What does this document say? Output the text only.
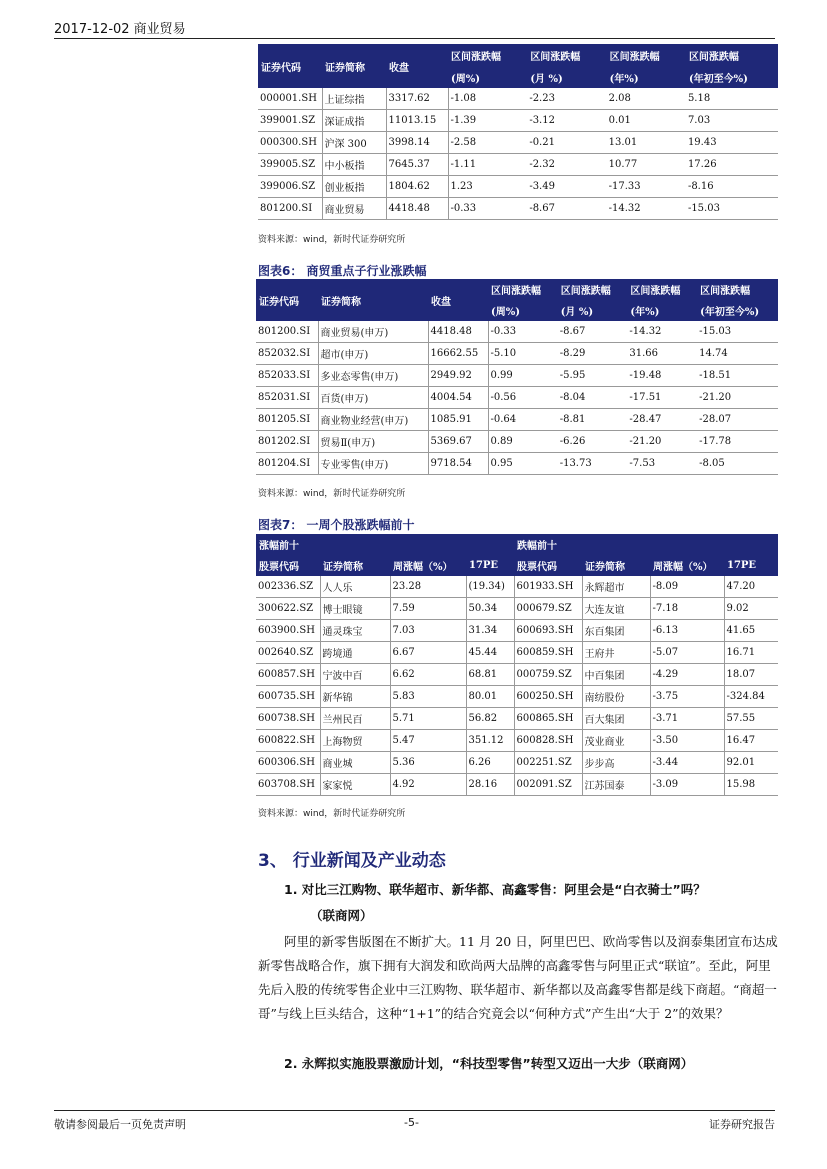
2017-12-02 商业贸易
证券代码	证券简称	收盘	区间涨跌幅	区间涨跌幅	区间涨跌幅	区间涨跌幅
			(周%)	(月 %)	(年%)	(年初至今%)
000001.SH	上证综指	3317.62	-1.08	-2.23	2.08	5.18
399001.SZ	深证成指	11013.15	-1.39	-3.12	0.01	7.03
000300.SH	沪深 300	3998.14	-2.58	-0.21	13.01	19.43
399005.SZ	中小板指	7645.37	-1.11	-2.32	10.77	17.26
399006.SZ	创业板指	1804.62	1.23	-3.49	-17.33	-8.16
801200.SI	商业贸易	4418.48	-0.33	-8.67	-14.32	-15.03
资料来源：wind，新时代证券研究所
图表6： 商贸重点子行业涨跌幅
证券代码	证券简称	收盘	区间涨跌幅	区间涨跌幅	区间涨跌幅	区间涨跌幅
			(周%)	(月 %)	(年%)	(年初至今%)
801200.SI	商业贸易(申万)	4418.48	-0.33	-8.67	-14.32	-15.03
852032.SI	超市(申万)	16662.55	-5.10	-8.29	31.66	14.74
852033.SI	多业态零售(申万)	2949.92	0.99	-5.95	-19.48	-18.51
852031.SI	百货(申万)	4004.54	-0.56	-8.04	-17.51	-21.20
801205.SI	商业物业经营(申万)	1085.91	-0.64	-8.81	-28.47	-28.07
801202.SI	贸易Ⅱ(申万)	5369.67	0.89	-6.26	-21.20	-17.78
801204.SI	专业零售(申万)	9718.54	0.95	-13.73	-7.53	-8.05
资料来源：wind，新时代证券研究所
图表7： 一周个股涨跌幅前十
涨幅前十				跌幅前十			
股票代码	证券简称	周涨幅（%）	17PE	股票代码	证券简称	周涨幅（%）	17PE
002336.SZ	人人乐	23.28	(19.34)	601933.SH	永辉超市	-8.09	47.20
300622.SZ	博士眼镜	7.59	50.34	000679.SZ	大连友谊	-7.18	9.02
603900.SH	通灵珠宝	7.03	31.34	600693.SH	东百集团	-6.13	41.65
002640.SZ	跨境通	6.67	45.44	600859.SH	王府井	-5.07	16.71
600857.SH	宁波中百	6.62	68.81	000759.SZ	中百集团	-4.29	18.07
600735.SH	新华锦	5.83	80.01	600250.SH	南纺股份	-3.75	-324.84
600738.SH	兰州民百	5.71	56.82	600865.SH	百大集团	-3.71	57.55
600822.SH	上海物贸	5.47	351.12	600828.SH	茂业商业	-3.50	16.47
600306.SH	商业城	5.36	6.26	002251.SZ	步步高	-3.44	92.01
603708.SH	家家悦	4.92	28.16	002091.SZ	江苏国泰	-3.09	15.98
资料来源：wind，新时代证券研究所
3、 行业新闻及产业动态
1. 对比三江购物、联华超市、新华都、高鑫零售：阿里会是“白衣骑士”吗？
（联商网）
阿里的新零售版图在不断扩大。11 月 20 日，阿里巴巴、欧尚零售以及润泰集团宣布达成新零售战略合作，旗下拥有大润发和欧尚两大品牌的高鑫零售与阿里正式“联谊”。至此，阿里先后入股的传统零售企业中三江购物、联华超市、新华都以及高鑫零售都是线下商超。“商超一哥”与线上巨头结合，这种“1+1”的结合究竟会以“何种方式”产生出“大于 2”的效果？
2. 永辉拟实施股票激励计划，“科技型零售”转型又迈出一大步（联商网）
敬请参阅最后一页免责声明	-5-	证券研究报告
